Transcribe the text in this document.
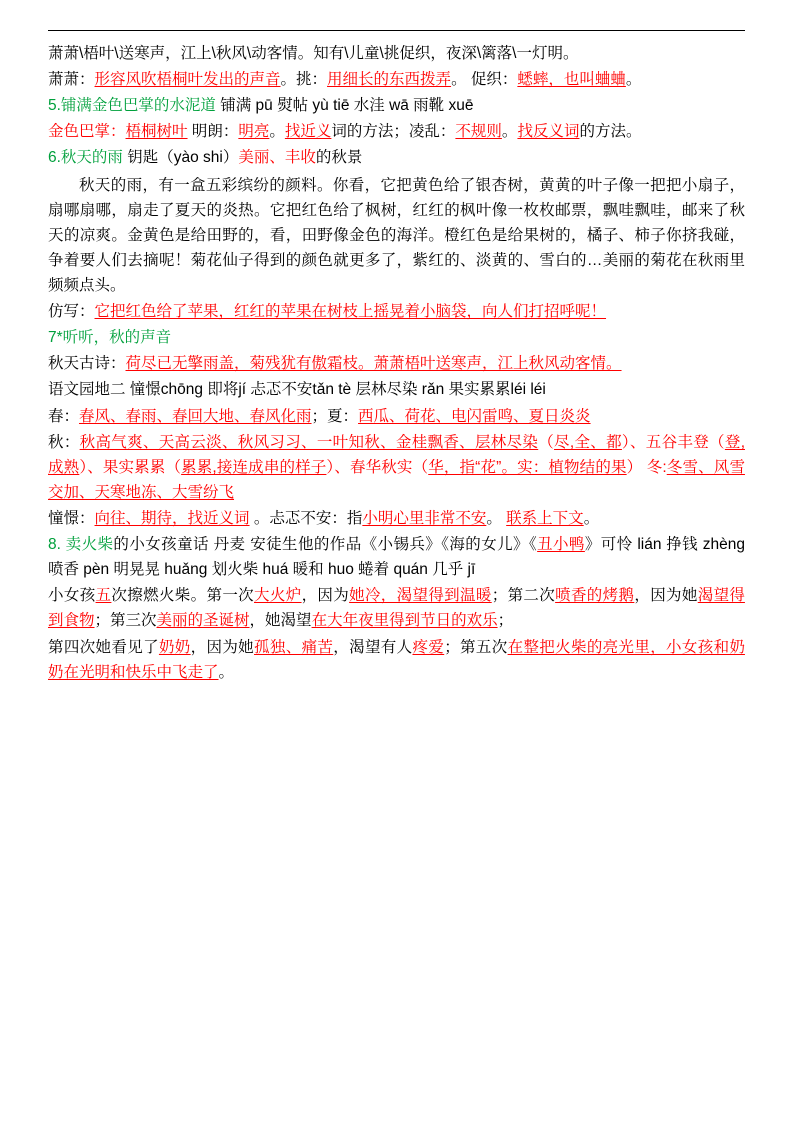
萧萧\梧叶\送寒声，江上\秋风\动客情。知有\儿童\挑促织，夜深\篱落\一灯明。

萧萧：形容风吹梧桐叶发出的声音。挑：用细长的东西拨弄。 促织：蟋蟀，也叫蛐蛐。

5.铺满金色巴掌的水泥道 铺满 pū 熨帖 yù tiē 水洼 wā 雨靴 xuē

金色巴掌：梧桐树叶 明朗：明亮。找近义词的方法；凌乱：不规则。找反义词的方法。

6.秋天的雨 钥匙（yào shi）美丽、丰收的秋景

秋天的雨，有一盒五彩缤纷的颜料。你看，它把黄色给了银杏树，黄黄的叶子像一把把小扇子，扇哪扇哪，扇走了夏天的炎热。它把红色给了枫树，红红的枫叶像一枚枚邮票，飘哇飘哇，邮来了秋天的凉爽。金黄色是给田野的，看，田野像金色的海洋。橙红色是给果树的，橘子、柿子你挤我碰，争着要人们去摘呢！菊花仙子得到的颜色就更多了，紫红的、淡黄的、雪白的…美丽的菊花在秋雨里频频点头。

仿写：它把红色给了苹果，红红的苹果在树枝上摇晃着小脑袋，向人们打招呼呢！

7*听听，秋的声音

秋天古诗：荷尽已无擎雨盖，菊残犹有傲霜枝。萧萧梧叶送寒声，江上秋风动客情。

语文园地二 憧憬chōng 即将jí 忐忑不安tǎn tè 层林尽染 rǎn 果实累累léi léi

春：春风、春雨、春回大地、春风化雨；夏：西瓜、荷花、电闪雷鸣、夏日炎炎

秋：秋高气爽、天高云淡、秋风习习、一叶知秋、金桂飘香、层林尽染（尽,全、都）、五谷丰登（登,成熟）、果实累累（累累,接连成串的样子）、春华秋实（华，指“花”。实：植物结的果） 冬:冬雪、风雪交加、天寒地冻、大雪纷飞

憧憬：向往、期待，找近义词 。忐忑不安：指小明心里非常不安。 联系上下文。

8. 卖火柴的小女孩童话 丹麦 安徒生他的作品《小锡兵》《海的女儿》《丑小鸭》可怜 lián 挣钱 zhèng 喷香 pèn 明晃晃 huǎng 划火柴 huá 暖和 huo 蜷着 quán 几乎 jī

小女孩五次擦燃火柴。第一次大火炉，因为她冷，渴望得到温暖；第二次喷香的烤鹅，因为她渴望得到食物；第三次美丽的圣诞树，她渴望在大年夜里得到节日的欢乐；

第四次她看见了奶奶，因为她孤独、痛苦，渴望有人疼爱；第五次在整把火柴的亮光里，小女孩和奶奶在光明和快乐中飞走了。
